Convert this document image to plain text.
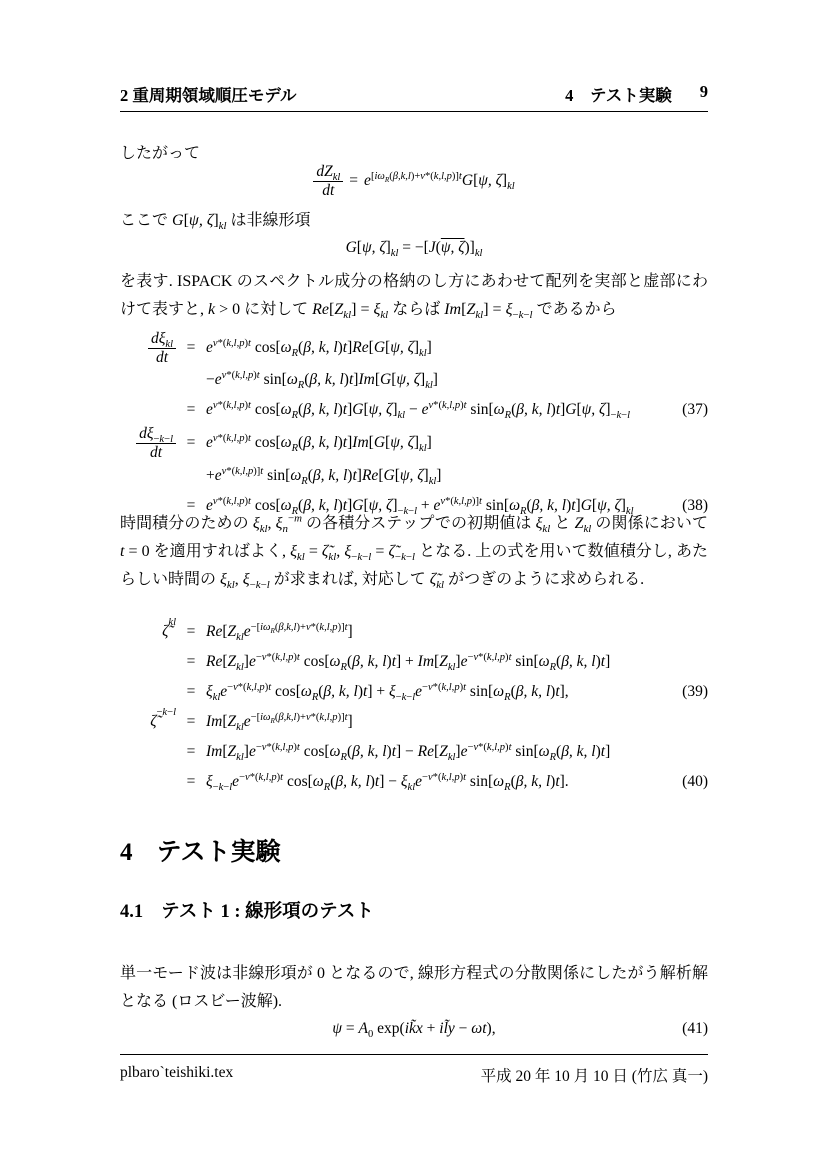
2 重周期領域順圧モデル	4　テスト実験 9
したがって
$\frac{dZ_{kl}}{dt} = e^{[i\omega_R(\beta,k,l)+\nu*(k,l,p)]t}G[\psi$, $\zeta]_{kl}$
ここで G[ψ, $\zeta]_{kl}$ は非線形項
G[ψ, $\zeta]_{kl} = -[J(\psi$, $\zeta)]_{kl}$
を表す. ISPACK のスペクトル成分の格納のし方にあわせて配列を実部と虚部にわけて表すと, k > 0 に対して $Re[Z_{kl}] = \xi_{kl}$ ならば $Im[Z_{kl}] = \xi_{-k-l}$ であるから
$\frac{d\xi_{kl}}{dt} = e^{\nu*(k,l,p)t}$ $\cos[\omega_R(\beta$, k, l)t]Re[G[ψ, $\zeta]_{kl}$]
$-e^{\nu*(k,l,p)t}$ $\sin[\omega_R(\beta$, k, l)t]Im[G[ψ, $\zeta]_{kl}$]
= $e^{\nu*(k,l,p)t}$ $\cos[\omega_R(\beta$, k, l)t]G[ψ, $\zeta]_{kl} - e^{\nu*(k,l,p)t}$ $\sin[\omega_R(\beta$, k, l)t]G[ψ, $\zeta]_{-k-l}$	(37)
$\frac{d\xi_{-k-l}}{dt} = e^{\nu*(k,l,p)t}$ $\cos[\omega_R(\beta$, k, l)t]Im[G[ψ, $\zeta]_{kl}$]
$+e^{\nu*(k,l,p)]t}$ $\sin[\omega_R(\beta$, k, l)t]Re[G[ψ, $\zeta]_{kl}$]
= $e^{\nu*(k,l,p)t}$ $\cos[\omega_R(\beta$, k, l)t]G[ψ, $\zeta]_{-k-l} + e^{\nu*(k,l,p)]t}$ $\sin[\omega_R(\beta$, k, l)t]G[ψ, $\zeta]_{kl}$	(38)
時間積分のための $\xi_{kl}$, $\xi_n^{-m}$ の各積分ステップでの初期値は $\xi_{kl}$ と $Z_{kl}$ の関係において t = 0 を適用すればよく, $\xi_{kl}$ = $\zetã_{kl}$, $\xi_{-k-l}$ = $\zetã_{-k-l}$ となる. 上の式を用いて数値積分し, あたらしい時間の $\xi_{kl}$, $\xi_{-k-l}$ が求まれば, 対応して $\zetã_{kl}$ がつぎのように求められる.
ζ̃
kl
= $Re[Z_{kl}e^{-[i\omega_R(\beta,k,l)+\nu*(k,l,p)]t}]$
= $Re[Z_{kl}]e^{-\nu*(k,l,p)t}$ $\cos[\omega_R(\beta$, k, $l)t] + Im[Z_{kl}]e^{-\nu*(k,l,p)t}$ $\sin[\omega_R(\beta$, k, l)t]
= $\xi_{kl}e^{-\nu*(k,l,p)t}$ $\cos[\omega_R(\beta$, k, $l)t] + \xi_{-k-l}e^{-\nu*(k,l,p)t}$ $\sin[\omega_R(\beta$, k, l)t],	(39)
ζ̃
−k−l
= $Im[Z_{kl}e^{-[i\omega_R(\beta,k,l)+\nu*(k,l,p)]t}]$
= $Im[Z_{kl}]e^{-\nu*(k,l,p)t}$ $\cos[\omega_R(\beta$, k, $l)t] - Re[Z_{kl}]e^{-\nu*(k,l,p)t}$ $\sin[\omega_R(\beta$, k, l)t]
= $\xi_{-k-l}e^{-\nu*(k,l,p)t}$ $\cos[\omega_R(\beta$, k, $l)t] - \xi_{kl}e^{-\nu*(k,l,p)t}$ $\sin[\omega_R(\beta$, k, l)t].	(40)
4 テスト実験
4.1 テスト 1 : 線形項のテスト
単一モード波は非線形項が 0 となるので, 線形方程式の分散関係にしたがう解析解となる (ロスビー波解).
$\psi = A_0$ exp(ik̃x + il̃y − ωt),	(41)
plbaro`teishiki.tex	平成 20 年 10 月 10 日 (竹広 真一)
